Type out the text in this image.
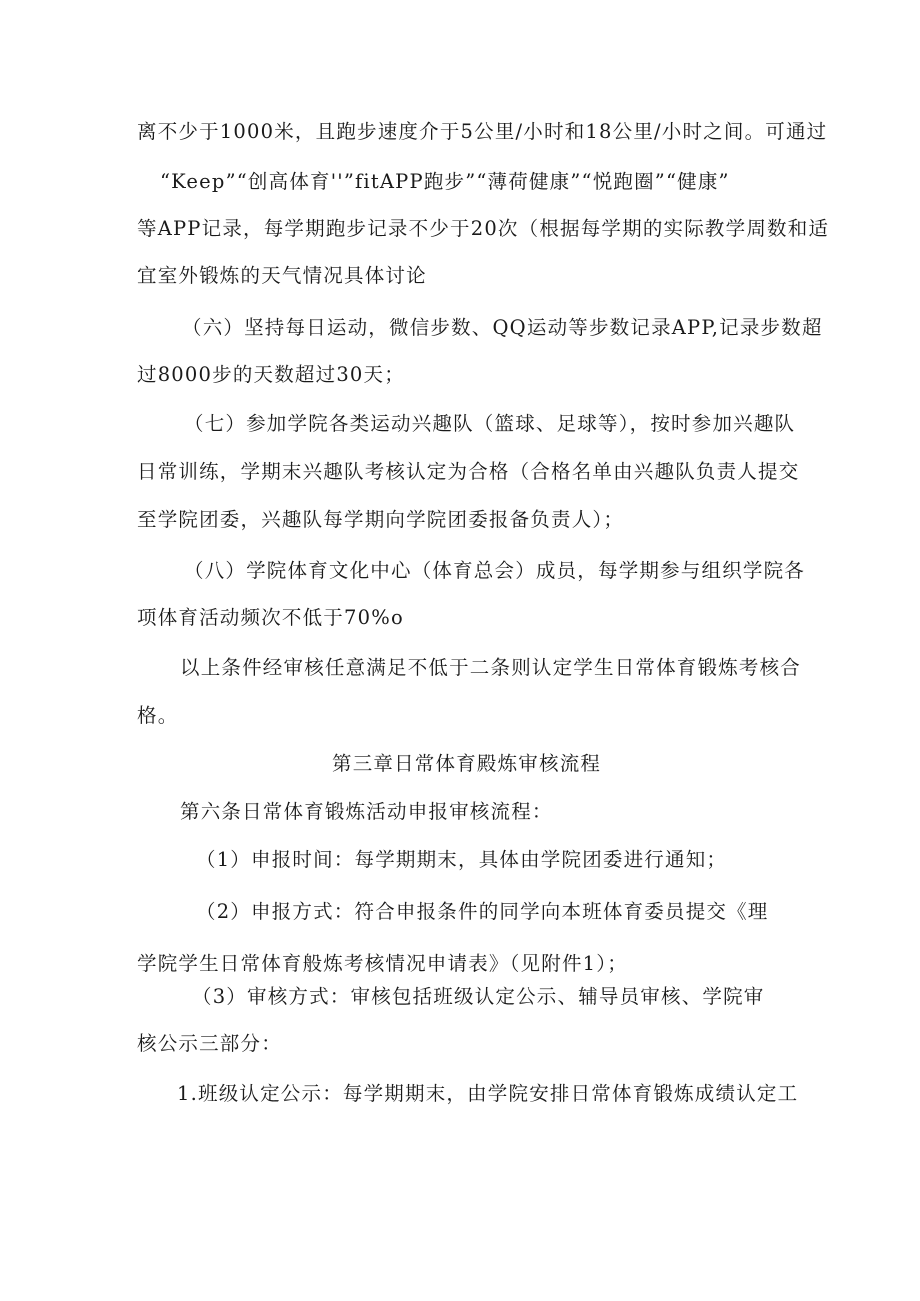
离不少于1000米，且跑步速度介于5公里/小时和18公里/小时之间。可通过
“Keep”“创高体育''”fitAPP跑步”“薄荷健康”“悦跑圈”“健康”
等APP记录，每学期跑步记录不少于20次（根据每学期的实际教学周数和适
宜室外锻炼的天气情况具体讨论
（六）坚持每日运动，微信步数、QQ运动等步数记录APP,记录步数超
过8000步的天数超过30天；
（七）参加学院各类运动兴趣队（篮球、足球等），按时参加兴趣队
日常训练，学期末兴趣队考核认定为合格（合格名单由兴趣队负责人提交
至学院团委，兴趣队每学期向学院团委报备负责人）；
（八）学院体育文化中心（体育总会）成员，每学期参与组织学院各
项体育活动频次不低于70%o
以上条件经审核任意满足不低于二条则认定学生日常体育锻炼考核合
格。
第三章日常体育殿炼审核流程
第六条日常体育锻炼活动申报审核流程：
（1）申报时间：每学期期末，具体由学院团委进行通知；
（2）申报方式：符合申报条件的同学向本班体育委员提交《理
学院学生日常体育般炼考核情况申请表》（见附件1）；
（3）审核方式：审核包括班级认定公示、辅导员审核、学院审
核公示三部分：
1.班级认定公示：每学期期末，由学院安排日常体育锻炼成绩认定工
